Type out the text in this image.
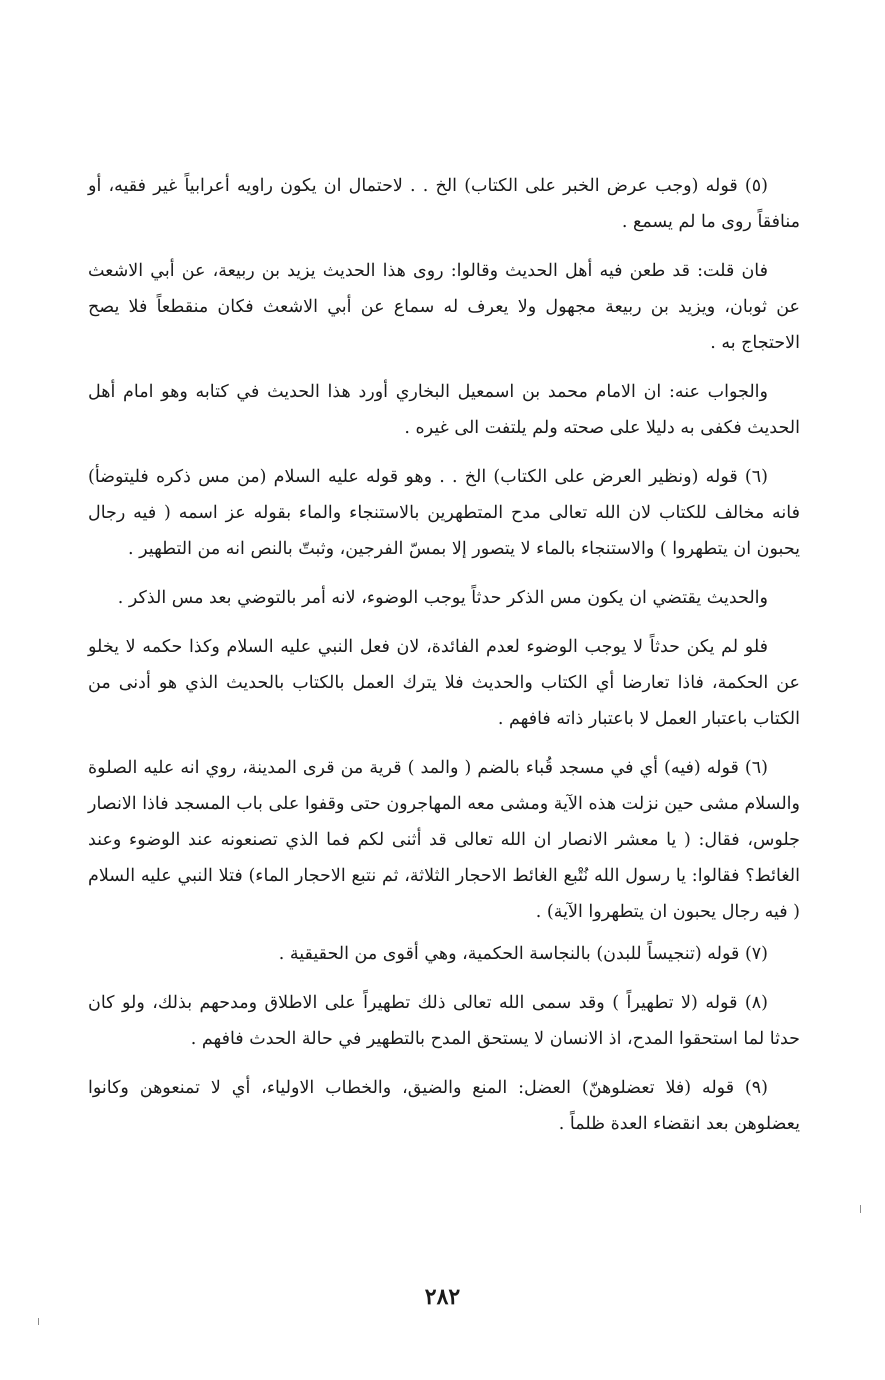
(٥) قوله (وجب عرض الخبر على الكتاب) الخ . . لاحتمال ان يكون راويه أعرابياً غير فقيه، أو منافقاً روى ما لم يسمع .

فان قلت: قد طعن فيه أهل الحديث وقالوا: روى هذا الحديث يزيد بن ربيعة، عن أبي الاشعث عن ثوبان، ويزيد بن ربيعة مجهول ولا يعرف له سماع عن أبي الاشعث فكان منقطعاً فلا يصح الاحتجاج به .

والجواب عنه: ان الامام محمد بن اسمعيل البخاري أورد هذا الحديث في كتابه وهو امام أهل الحديث فكفى به دليلا على صحته ولم يلتفت الى غيره .

(٦) قوله (ونظير العرض على الكتاب) الخ . . وهو قوله عليه السلام (من مس ذكره فليتوضأ) فانه مخالف للكتاب لان الله تعالى مدح المتطهرين بالاستنجاء والماء بقوله عز اسمه ( فيه رجال يحبون ان يتطهروا ) والاستنجاء بالماء لا يتصور إلا بمسّ الفرجين، وثبتّ بالنص انه من التطهير .

والحديث يقتضي ان يكون مس الذكر حدثاً يوجب الوضوء، لانه أمر بالتوضي بعد مس الذكر .

فلو لم يكن حدثاً لا يوجب الوضوء لعدم الفائدة، لان فعل النبي عليه السلام وكذا حكمه لا يخلو عن الحكمة، فاذا تعارضا أي الكتاب والحديث فلا يترك العمل بالكتاب بالحديث الذي هو أدنى من الكتاب باعتبار العمل لا باعتبار ذاته فافهم .

(٦) قوله (فيه) أي في مسجد قُباء بالضم ( والمد ) قرية من قرى المدينة، روي انه عليه الصلوة والسلام مشى حين نزلت هذه الآية ومشى معه المهاجرون حتى وقفوا على باب المسجد فاذا الانصار جلوس، فقال: ( يا معشر الانصار ان الله تعالى قد أثنى لكم فما الذي تصنعونه عند الوضوء وعند الغائط؟ فقالوا: يا رسول الله نُتْبع الغائط الاحجار الثلاثة، ثم نتبع الاحجار الماء) فتلا النبي عليه السلام ( فيه رجال يحبون ان يتطهروا الآية) .

(٧) قوله (تنجيساً للبدن) بالنجاسة الحكمية، وهي أقوى من الحقيقية .

(٨) قوله (لا تطهيراً ) وقد سمى الله تعالى ذلك تطهيراً على الاطلاق ومدحهم بذلك، ولو كان حدثا لما استحقوا المدح، اذ الانسان لا يستحق المدح بالتطهير في حالة الحدث فافهم .

(٩) قوله (فلا تعضلوهنّ) العضل: المنع والضيق، والخطاب الاولياء، أي لا تمنعوهن وكانوا يعضلوهن بعد انقضاء العدة ظلماً .

٢٨٢
